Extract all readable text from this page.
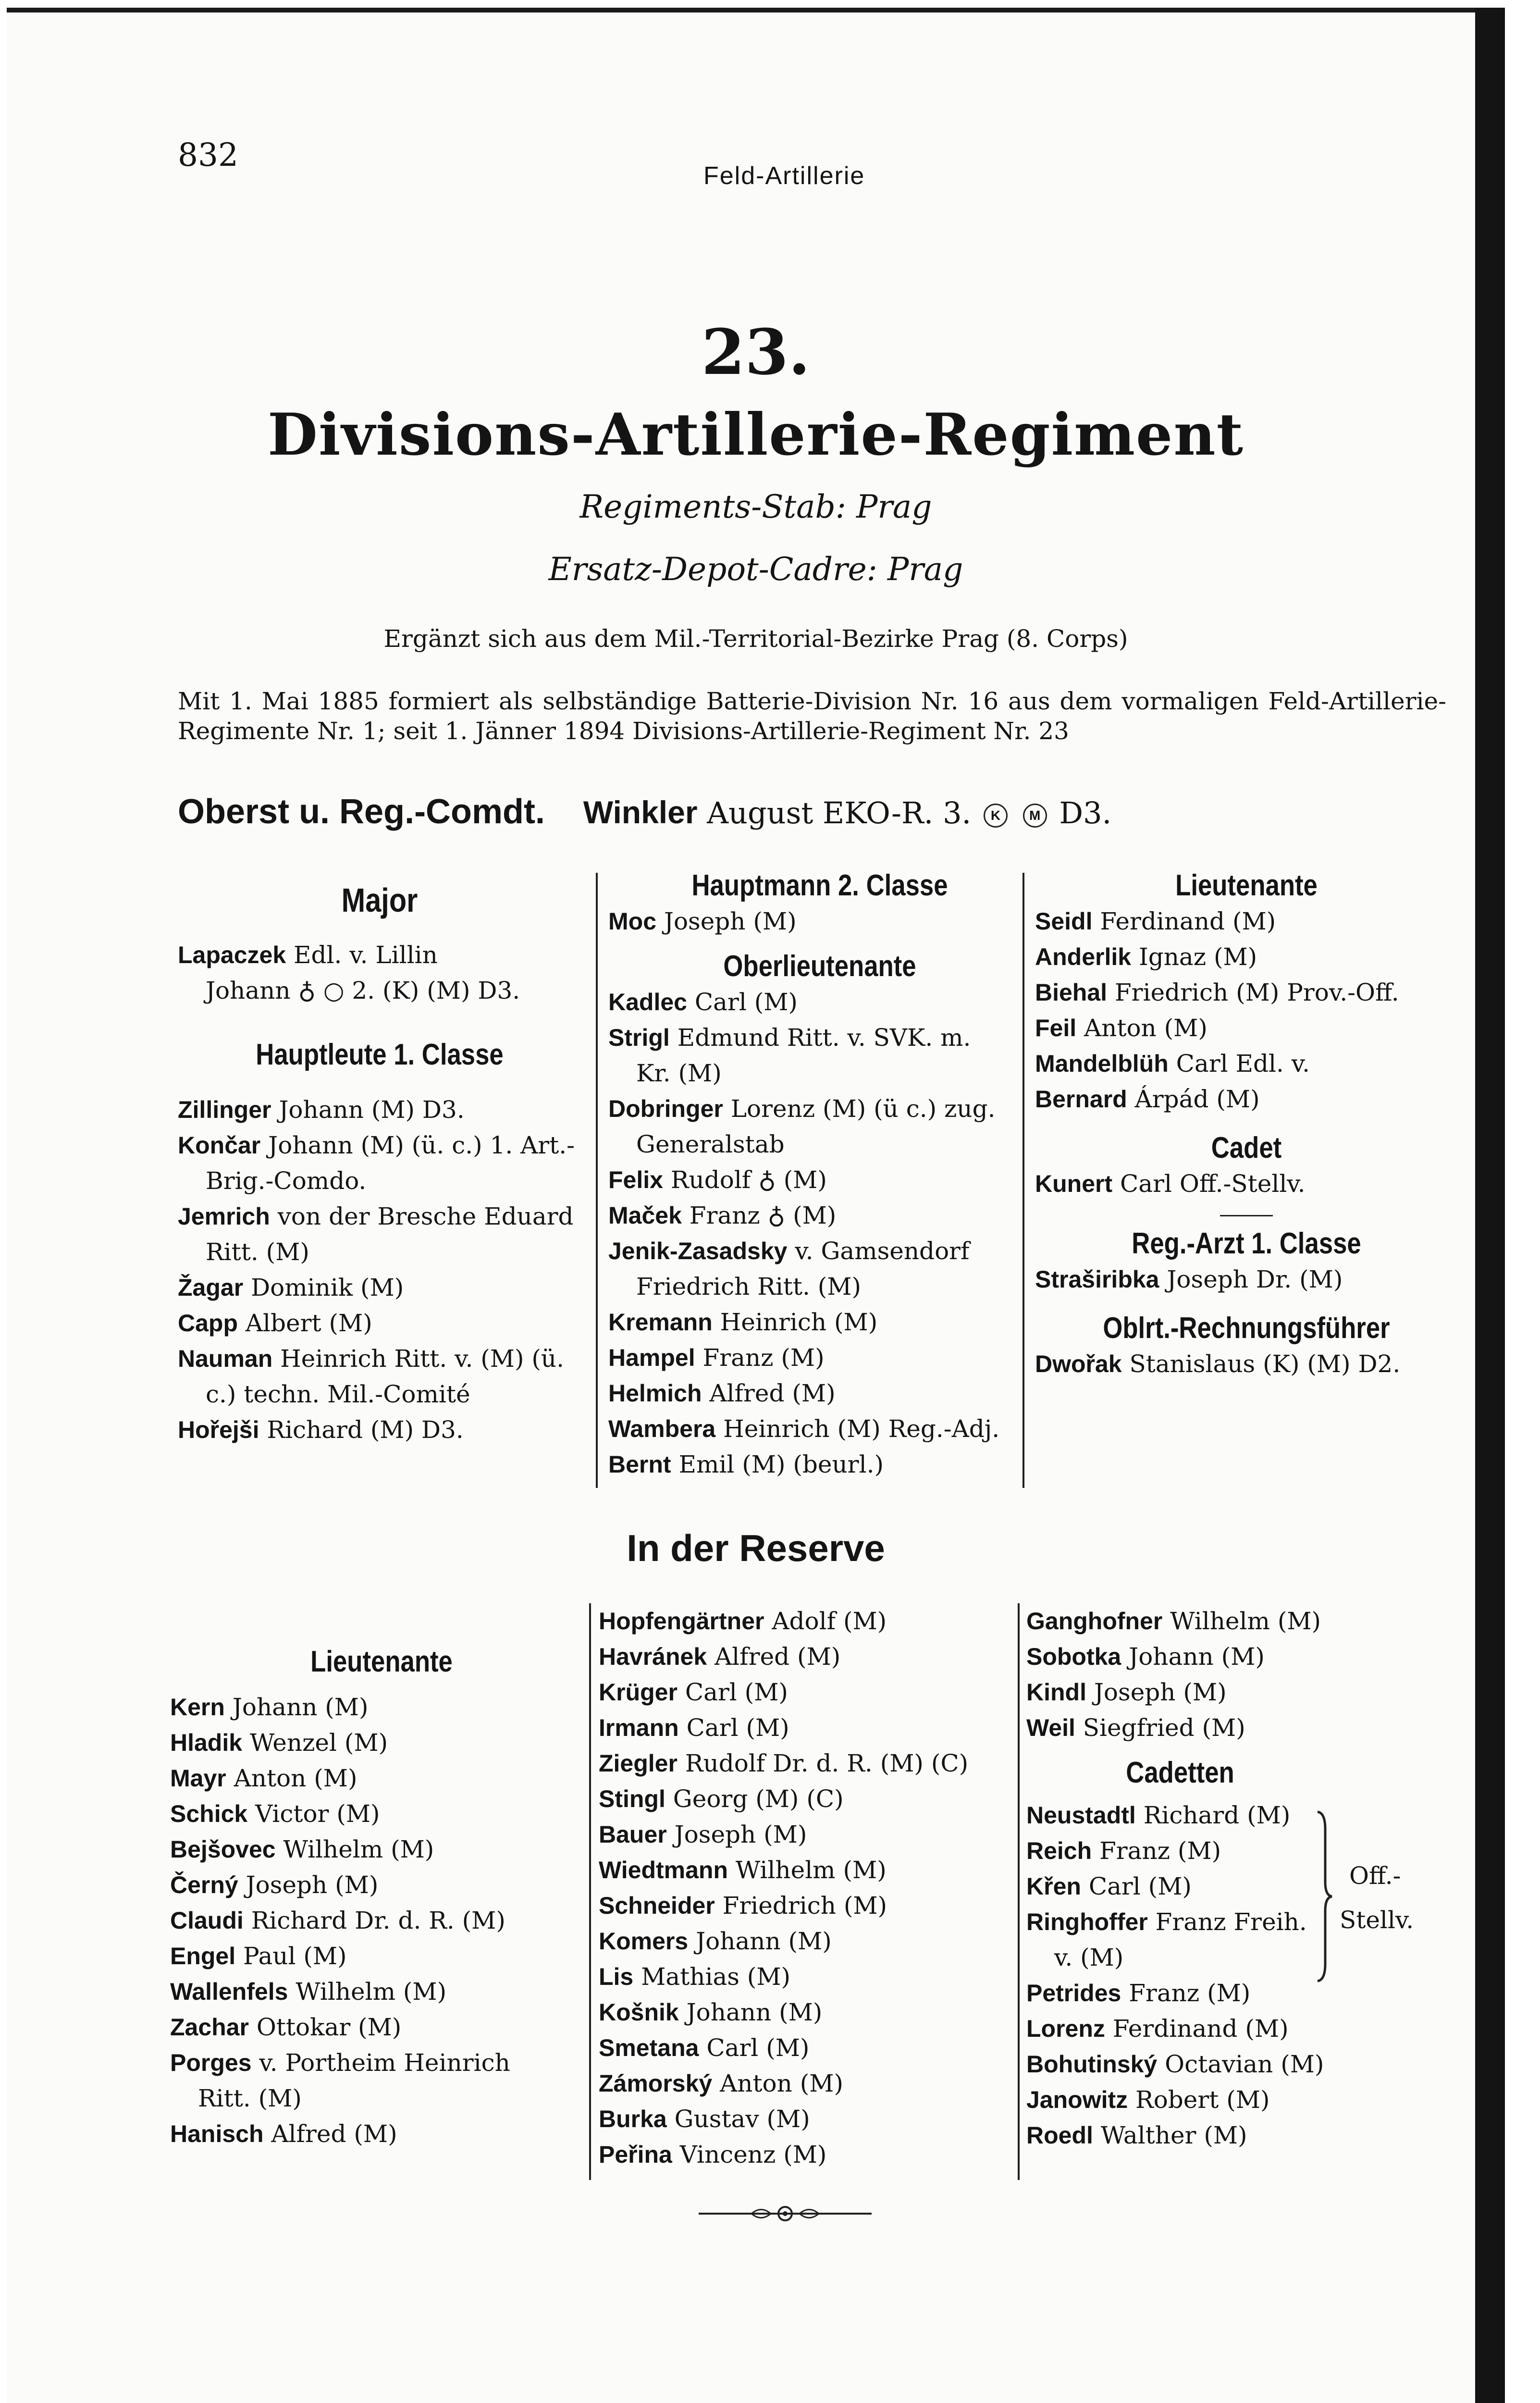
832
Feld-Artillerie
23.
Divisions-Artillerie-Regiment
Regiments-Stab: Prag
Ersatz-Depot-Cadre: Prag
Ergänzt sich aus dem Mil.-Territorial-Bezirke Prag (8. Corps)
Mit 1. Mai 1885 formiert als selbständige Batterie-Division Nr. 16 aus dem vormaligen Feld-Artillerie-Regimente Nr. 1; seit 1. Jänner 1894 Divisions-Artillerie-Regiment Nr. 23
Oberst u. Reg.-Comdt. Winkler August EKO-R. 3. K M D3.
Major
Lapaczek Edl. v. Lillin
Johann ♁ ○ 2. (K) (M) D3.
Hauptleute 1. Classe
Zillinger Johann (M) D3.
Končar Johann (M) (ü. c.) 1. Art.-
Brig.-Comdo.
Jemrich von der Bresche Eduard
Ritt. (M)
Žagar Dominik (M)
Capp Albert (M)
Nauman Heinrich Ritt. v. (M) (ü.
c.) techn. Mil.-Comité
Hořejši Richard (M) D3.
Hauptmann 2. Classe
Moc Joseph (M)
Oberlieutenante
Kadlec Carl (M)
Strigl Edmund Ritt. v. SVK. m.
Kr. (M)
Dobringer Lorenz (M) (ü c.) zug.
Generalstab
Felix Rudolf ♁ (M)
Maček Franz ♁ (M)
Jenik-Zasadsky v. Gamsendorf
Friedrich Ritt. (M)
Kremann Heinrich (M)
Hampel Franz (M)
Helmich Alfred (M)
Wambera Heinrich (M) Reg.-Adj.
Bernt Emil (M) (beurl.)
Lieutenante
Seidl Ferdinand (M)
Anderlik Ignaz (M)
Biehal Friedrich (M) Prov.-Off.
Feil Anton (M)
Mandelblüh Carl Edl. v.
Bernard Árpád (M)
Cadet
Kunert Carl Off.-Stellv.
Reg.-Arzt 1. Classe
Straširibka Joseph Dr. (M)
Oblrt.-Rechnungsführer
Dwořak Stanislaus (K) (M) D2.
In der Reserve
Lieutenante
Kern Johann (M)
Hladik Wenzel (M)
Mayr Anton (M)
Schick Victor (M)
Bejšovec Wilhelm (M)
Černý Joseph (M)
Claudi Richard Dr. d. R. (M)
Engel Paul (M)
Wallenfels Wilhelm (M)
Zachar Ottokar (M)
Porges v. Portheim Heinrich
Ritt. (M)
Hanisch Alfred (M)
Hopfengärtner Adolf (M)
Havránek Alfred (M)
Krüger Carl (M)
Irmann Carl (M)
Ziegler Rudolf Dr. d. R. (M) (C)
Stingl Georg (M) (C)
Bauer Joseph (M)
Wiedtmann Wilhelm (M)
Schneider Friedrich (M)
Komers Johann (M)
Lis Mathias (M)
Košnik Johann (M)
Smetana Carl (M)
Zámorský Anton (M)
Burka Gustav (M)
Peřina Vincenz (M)
Ganghofner Wilhelm (M)
Sobotka Johann (M)
Kindl Joseph (M)
Weil Siegfried (M)
Cadetten
Neustadtl Richard (M)
Reich Franz (M)
Křen Carl (M)
Ringhoffer Franz Freih.
v. (M)
Petrides Franz (M)
Lorenz Ferdinand (M)
Bohutinský Octavian (M)
Janowitz Robert (M)
Roedl Walther (M)
Off.-
Stellv.
